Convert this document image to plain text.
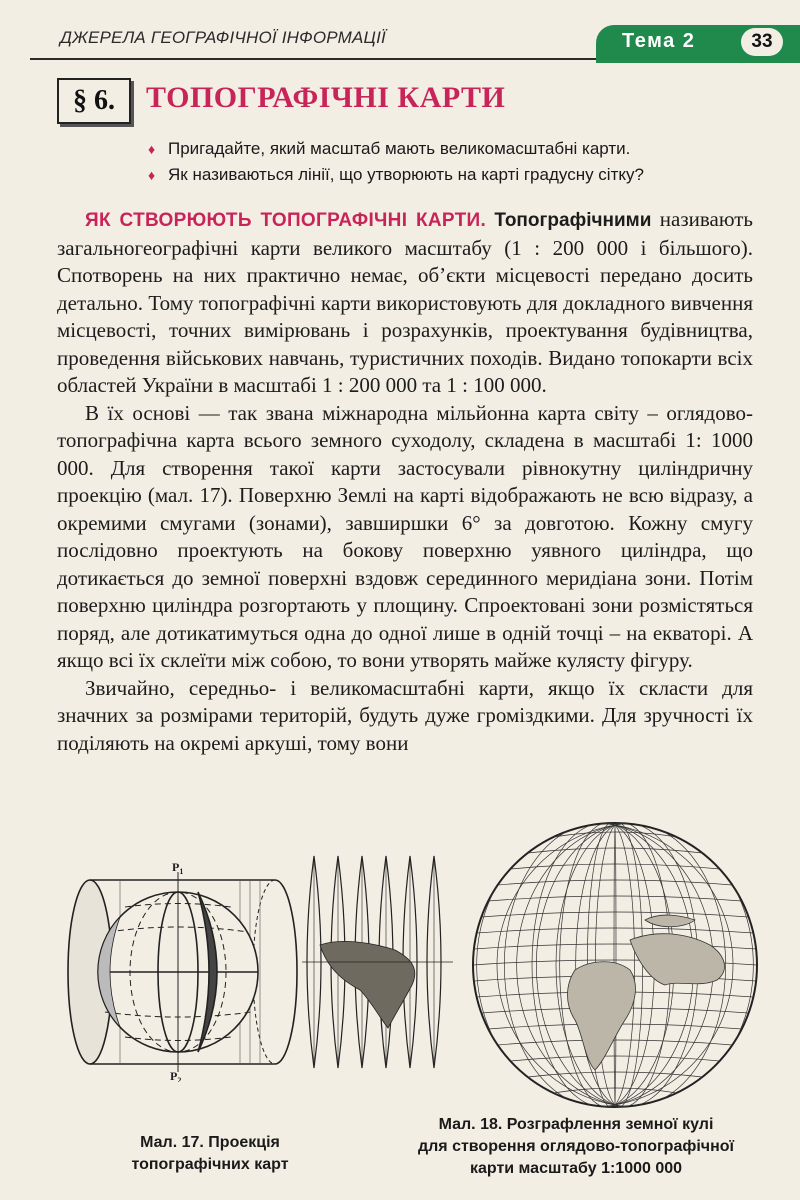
ДЖЕРЕЛА ГЕОГРАФІЧНОЇ ІНФОРМАЦІЇ	Тема 2	33
§ 6.	ТОПОГРАФІЧНІ КАРТИ
♦ Пригадайте, який масштаб мають великомасштабні карти.
♦ Як називаються лінії, що утворюють на карті градусну сітку?

ЯК СТВОРЮЮТЬ ТОПОГРАФІЧНІ КАРТИ. Топографічними називають загальногеографічні карти великого масштабу (1 : 200 000 і більшого). Спотворень на них практично немає, об’єкти місцевості передано досить детально. Тому топографічні карти використовують для докладного вивчення місцевості, точних вимірювань і розрахунків, проектування будівництва, проведення військових навчань, туристичних походів. Видано топокарти всіх областей України в масштабі 1 : 200 000 та 1 : 100 000.

В їх основі — так звана міжнародна мільйонна карта світу – оглядово-топографічна карта всього земного суходолу, складена в масштабі 1: 1000 000. Для створення такої карти застосували рівнокутну циліндричну проекцію (мал. 17). Поверхню Землі на карті відображають не всю відразу, а окремими смугами (зонами), завширшки 6° за довготою. Кожну смугу послідовно проектують на бокову поверхню уявного циліндра, що дотикається до земної поверхні вздовж серединного меридіана зони. Потім поверхню циліндра розгортають у площину. Спроектовані зони розмістяться поряд, але дотикатимуться одна до одної лише в одній точці – на екваторі. А якщо всі їх склеїти між собою, то вони утворять майже кулясту фігуру.

Звичайно, середньо- і великомасштабні карти, якщо їх скласти для значних за розмірами територій, будуть дуже громіздкими. Для зручності їх поділяють на окремі аркуші, тому вони

$P_1$
$P_2$
Мал. 17. Проекція
топографічних карт
Мал. 18. Розграфлення земної кулі
для створення оглядово-топографічної
карти масштабу 1:1000 000
